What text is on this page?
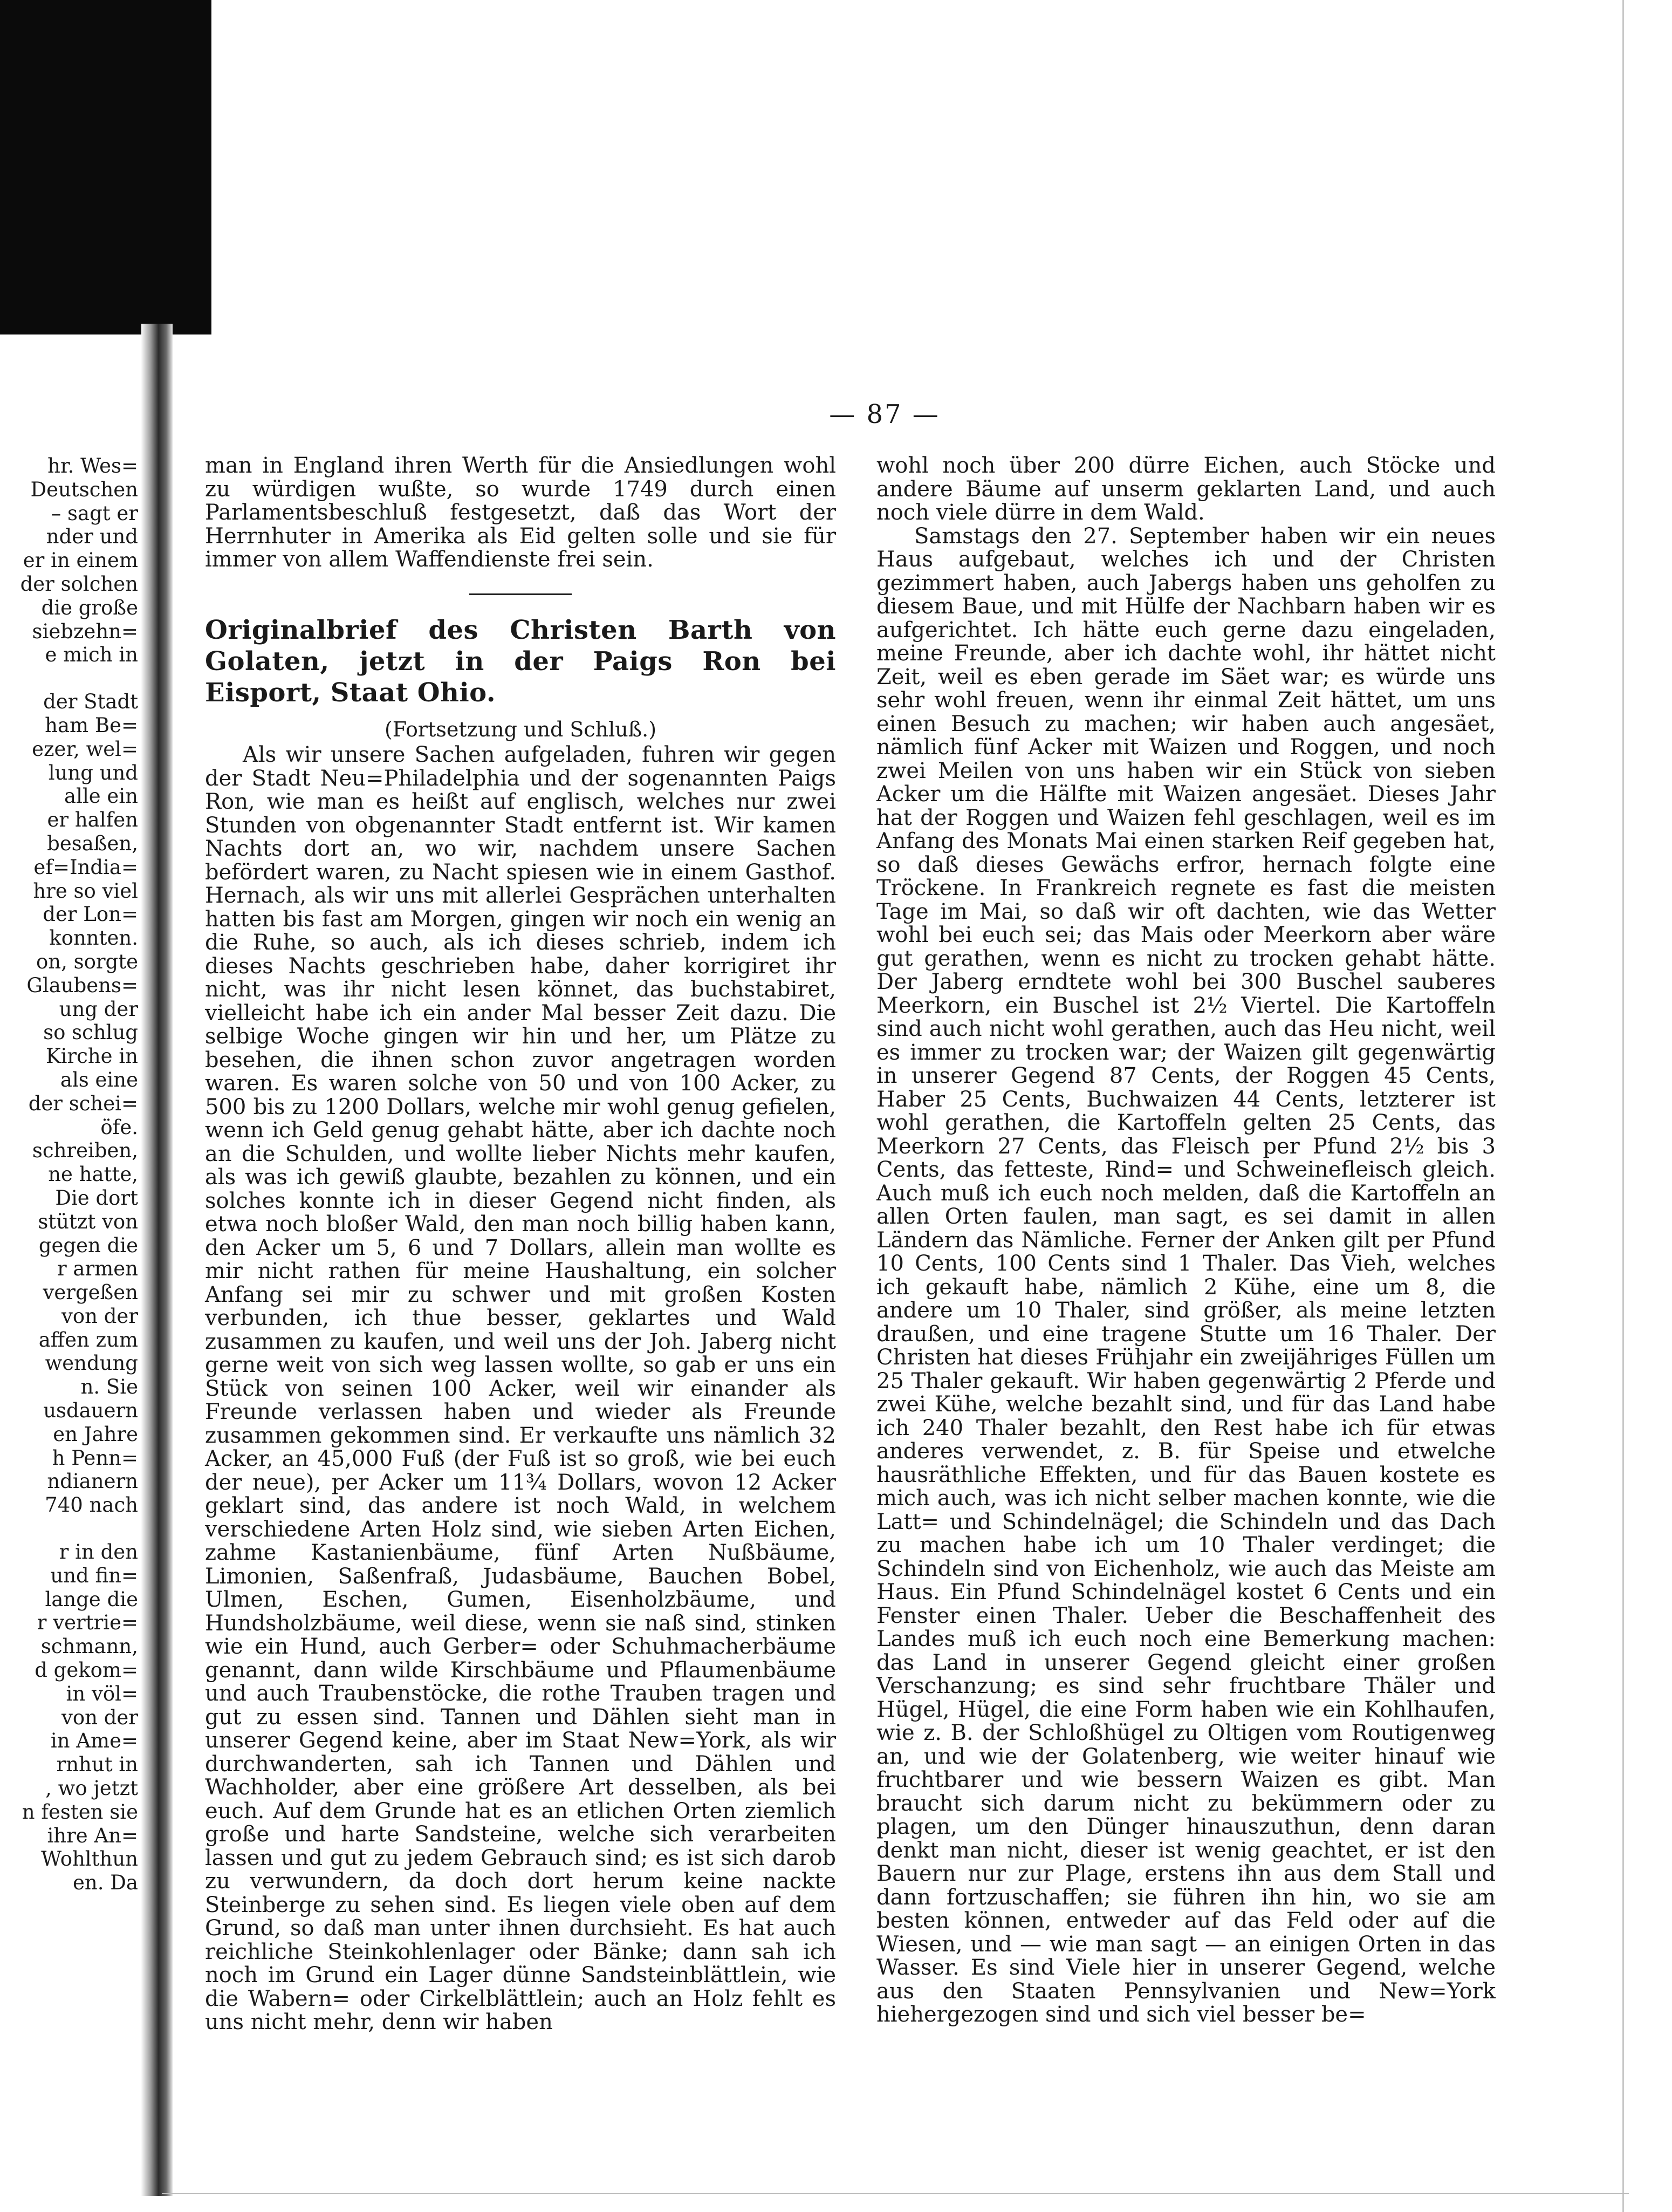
— 87 —

hr. Wes=

Deutschen

– sagt er

nder und

er in einem

der solchen

die große

siebzehn=

e mich in

der Stadt

ham Be=

ezer, wel=

lung und

alle ein

er halfen

besaßen,

ef=India=

hre so viel

der Lon=

konnten.

on, sorgte

Glaubens=

ung der

so schlug

Kirche in

als eine

der schei=

öfe.

schreiben,

ne hatte,

Die dort

stützt von

gegen die

r armen

vergeßen

von der

affen zum

wendung

n. Sie

usdauern

en Jahre

h Penn=

ndianern

740 nach

r in den

und fin=

lange die

r vertrie=

schmann,

d gekom=

in völ=

von der

in Ame=

rnhut in

, wo jetzt

n festen sie

ihre An=

Wohlthun

en. Da

man in England ihren Werth für die Ansiedlungen wohl zu würdigen wußte, so wurde 1749 durch einen Parlamentsbeschluß festgesetzt, daß das Wort der Herrnhuter in Amerika als Eid gelten solle und sie für immer von allem Waffendienste frei sein.

Originalbrief des Christen Barth von Golaten, jetzt in der Paigs Ron bei Eisport, Staat Ohio.

(Fortsetzung und Schluß.)

Als wir unsere Sachen aufgeladen, fuhren wir gegen der Stadt Neu=Philadelphia und der sogenannten Paigs Ron, wie man es heißt auf englisch, welches nur zwei Stunden von obgenannter Stadt entfernt ist. Wir kamen Nachts dort an, wo wir, nachdem unsere Sachen befördert waren, zu Nacht spiesen wie in einem Gasthof. Hernach, als wir uns mit allerlei Gesprächen unterhalten hatten bis fast am Morgen, gingen wir noch ein wenig an die Ruhe, so auch, als ich dieses schrieb, indem ich dieses Nachts geschrieben habe, daher korrigiret ihr nicht, was ihr nicht lesen könnet, das buchstabiret, vielleicht habe ich ein ander Mal besser Zeit dazu. Die selbige Woche gingen wir hin und her, um Plätze zu besehen, die ihnen schon zuvor angetragen worden waren. Es waren solche von 50 und von 100 Acker, zu 500 bis zu 1200 Dollars, welche mir wohl genug gefielen, wenn ich Geld genug gehabt hätte, aber ich dachte noch an die Schulden, und wollte lieber Nichts mehr kaufen, als was ich gewiß glaubte, bezahlen zu können, und ein solches konnte ich in dieser Gegend nicht finden, als etwa noch bloßer Wald, den man noch billig haben kann, den Acker um 5, 6 und 7 Dollars, allein man wollte es mir nicht rathen für meine Haushaltung, ein solcher Anfang sei mir zu schwer und mit großen Kosten verbunden, ich thue besser, geklartes und Wald zusammen zu kaufen, und weil uns der Joh. Jaberg nicht gerne weit von sich weg lassen wollte, so gab er uns ein Stück von seinen 100 Acker, weil wir einander als Freunde verlassen haben und wieder als Freunde zusammen gekommen sind. Er verkaufte uns nämlich 32 Acker, an 45,000 Fuß (der Fuß ist so groß, wie bei euch der neue), per Acker um 11¾ Dollars, wovon 12 Acker geklart sind, das andere ist noch Wald, in welchem verschiedene Arten Holz sind, wie sieben Arten Eichen, zahme Kastanienbäume, fünf Arten Nußbäume, Limonien, Saßenfraß, Judasbäume, Bauchen Bobel, Ulmen, Eschen, Gumen, Eisenholzbäume, und Hundsholzbäume, weil diese, wenn sie naß sind, stinken wie ein Hund, auch Gerber= oder Schuhmacherbäume genannt, dann wilde Kirschbäume und Pflaumenbäume und auch Traubenstöcke, die rothe Trauben tragen und gut zu essen sind. Tannen und Dählen sieht man in unserer Gegend keine, aber im Staat New=York, als wir durchwanderten, sah ich Tannen und Dählen und Wachholder, aber eine größere Art desselben, als bei euch. Auf dem Grunde hat es an etlichen Orten ziemlich große und harte Sandsteine, welche sich verarbeiten lassen und gut zu jedem Gebrauch sind; es ist sich darob zu verwundern, da doch dort herum keine nackte Steinberge zu sehen sind. Es liegen viele oben auf dem Grund, so daß man unter ihnen durchsieht. Es hat auch reichliche Steinkohlenlager oder Bänke; dann sah ich noch im Grund ein Lager dünne Sandsteinblättlein, wie die Wabern= oder Cirkelblättlein; auch an Holz fehlt es uns nicht mehr, denn wir haben

wohl noch über 200 dürre Eichen, auch Stöcke und andere Bäume auf unserm geklarten Land, und auch noch viele dürre in dem Wald.

Samstags den 27. September haben wir ein neues Haus aufgebaut, welches ich und der Christen gezimmert haben, auch Jabergs haben uns geholfen zu diesem Baue, und mit Hülfe der Nachbarn haben wir es aufgerichtet. Ich hätte euch gerne dazu eingeladen, meine Freunde, aber ich dachte wohl, ihr hättet nicht Zeit, weil es eben gerade im Säet war; es würde uns sehr wohl freuen, wenn ihr einmal Zeit hättet, um uns einen Besuch zu machen; wir haben auch angesäet, nämlich fünf Acker mit Waizen und Roggen, und noch zwei Meilen von uns haben wir ein Stück von sieben Acker um die Hälfte mit Waizen angesäet. Dieses Jahr hat der Roggen und Waizen fehl geschlagen, weil es im Anfang des Monats Mai einen starken Reif gegeben hat, so daß dieses Gewächs erfror, hernach folgte eine Tröckene. In Frankreich regnete es fast die meisten Tage im Mai, so daß wir oft dachten, wie das Wetter wohl bei euch sei; das Mais oder Meerkorn aber wäre gut gerathen, wenn es nicht zu trocken gehabt hätte. Der Jaberg erndtete wohl bei 300 Buschel sauberes Meerkorn, ein Buschel ist 2½ Viertel. Die Kartoffeln sind auch nicht wohl gerathen, auch das Heu nicht, weil es immer zu trocken war; der Waizen gilt gegenwärtig in unserer Gegend 87 Cents, der Roggen 45 Cents, Haber 25 Cents, Buchwaizen 44 Cents, letzterer ist wohl gerathen, die Kartoffeln gelten 25 Cents, das Meerkorn 27 Cents, das Fleisch per Pfund 2½ bis 3 Cents, das fetteste, Rind= und Schweinefleisch gleich. Auch muß ich euch noch melden, daß die Kartoffeln an allen Orten faulen, man sagt, es sei damit in allen Ländern das Nämliche. Ferner der Anken gilt per Pfund 10 Cents, 100 Cents sind 1 Thaler. Das Vieh, welches ich gekauft habe, nämlich 2 Kühe, eine um 8, die andere um 10 Thaler, sind größer, als meine letzten draußen, und eine tragene Stutte um 16 Thaler. Der Christen hat dieses Frühjahr ein zweijähriges Füllen um 25 Thaler gekauft. Wir haben gegenwärtig 2 Pferde und zwei Kühe, welche bezahlt sind, und für das Land habe ich 240 Thaler bezahlt, den Rest habe ich für etwas anderes verwendet, z. B. für Speise und etwelche hausräthliche Effekten, und für das Bauen kostete es mich auch, was ich nicht selber machen konnte, wie die Latt= und Schindelnägel; die Schindeln und das Dach zu machen habe ich um 10 Thaler verdinget; die Schindeln sind von Eichenholz, wie auch das Meiste am Haus. Ein Pfund Schindelnägel kostet 6 Cents und ein Fenster einen Thaler. Ueber die Beschaffenheit des Landes muß ich euch noch eine Bemerkung machen: das Land in unserer Gegend gleicht einer großen Verschanzung; es sind sehr fruchtbare Thäler und Hügel, Hügel, die eine Form haben wie ein Kohlhaufen, wie z. B. der Schloßhügel zu Oltigen vom Routigenweg an, und wie der Golatenberg, wie weiter hinauf wie fruchtbarer und wie bessern Waizen es gibt. Man braucht sich darum nicht zu bekümmern oder zu plagen, um den Dünger hinauszuthun, denn daran denkt man nicht, dieser ist wenig geachtet, er ist den Bauern nur zur Plage, erstens ihn aus dem Stall und dann fortzuschaffen; sie führen ihn hin, wo sie am besten können, entweder auf das Feld oder auf die Wiesen, und — wie man sagt — an einigen Orten in das Wasser. Es sind Viele hier in unserer Gegend, welche aus den Staaten Pennsylvanien und New=York hiehergezogen sind und sich viel besser be=
